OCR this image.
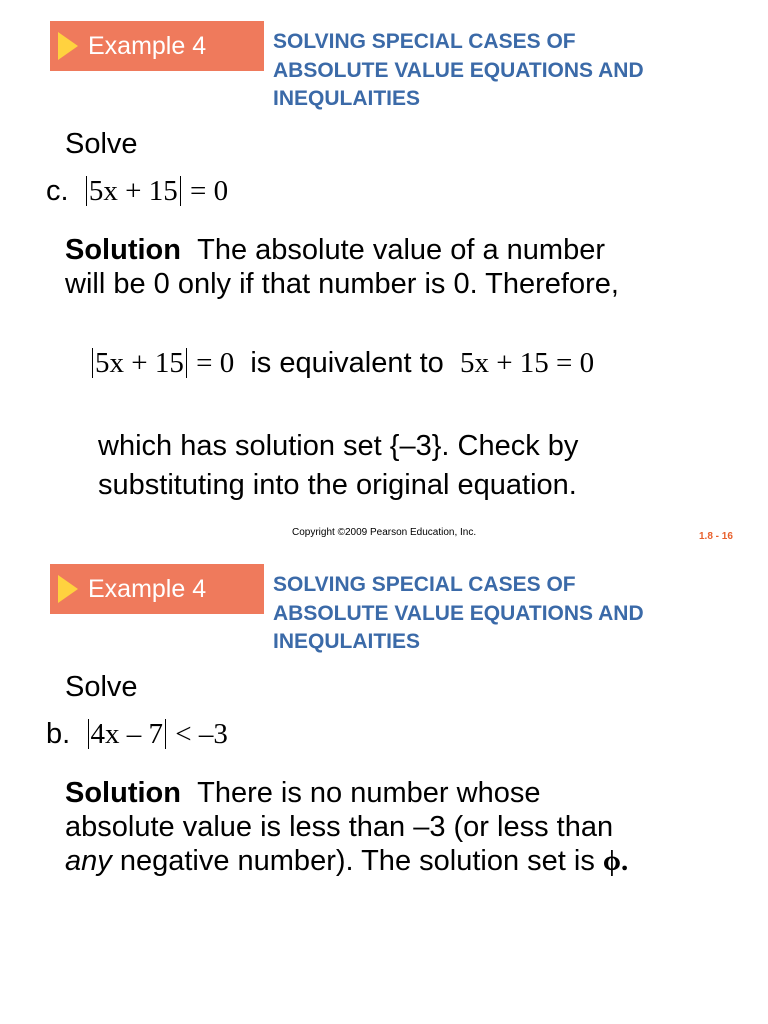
Example 4	SOLVING SPECIAL CASES OF
ABSOLUTE VALUE EQUATIONS AND
INEQULAITIES
Solve
c. 5x + 15 = 0
Solution The absolute value of a number
will be 0 only if that number is 0. Therefore,
5x + 15 = 0 is equivalent to 5x + 15 = 0
which has solution set {–3}. Check by
substituting into the original equation.
Copyright ©2009 Pearson Education, Inc.	1.8 - 16
Example 4	SOLVING SPECIAL CASES OF
ABSOLUTE VALUE EQUATIONS AND
INEQULAITIES
Solve
b. 4x – 7 < –3
Solution There is no number whose
absolute value is less than –3 (or less than
any negative number). The solution set is ϕ.
